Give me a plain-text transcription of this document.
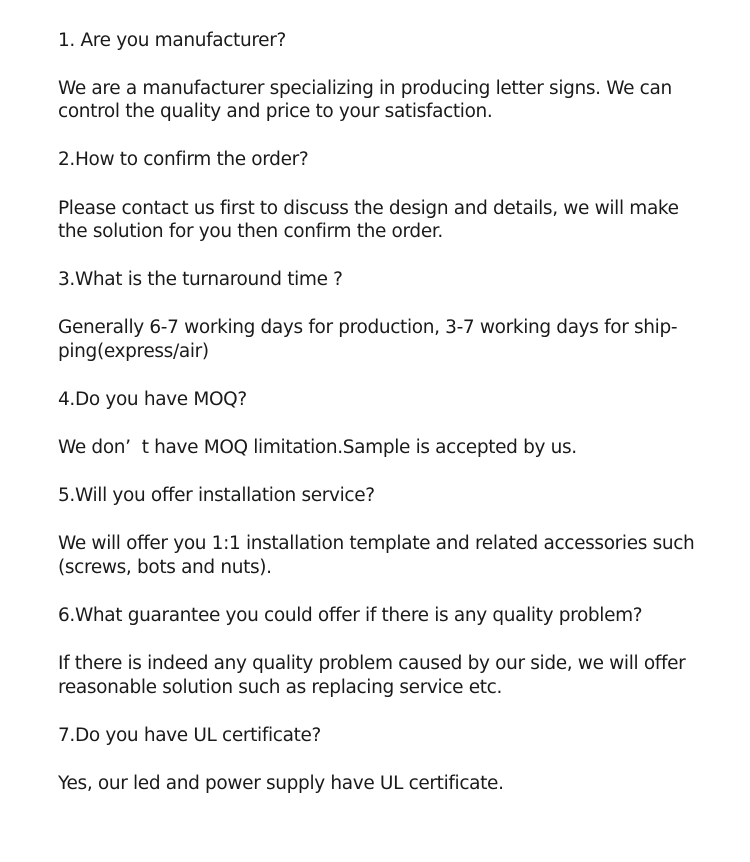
1. Are you manufacturer?
We are a manufacturer specializing in producing letter signs. We can
control the quality and price to your satisfaction.
2.How to confirm the order?
Please contact us first to discuss the design and details, we will make
the solution for you then confirm the order.
3.What is the turnaround time ?
Generally 6-7 working days for production, 3-7 working days for ship-
ping(express/air)
4.Do you have MOQ?
We don’  t have MOQ limitation.Sample is accepted by us.
5.Will you offer installation service?
We will offer you 1:1 installation template and related accessories such
(screws, bots and nuts).
6.What guarantee you could offer if there is any quality problem?
If there is indeed any quality problem caused by our side, we will offer
reasonable solution such as replacing service etc.
7.Do you have UL certificate?
Yes, our led and power supply have UL certificate.
